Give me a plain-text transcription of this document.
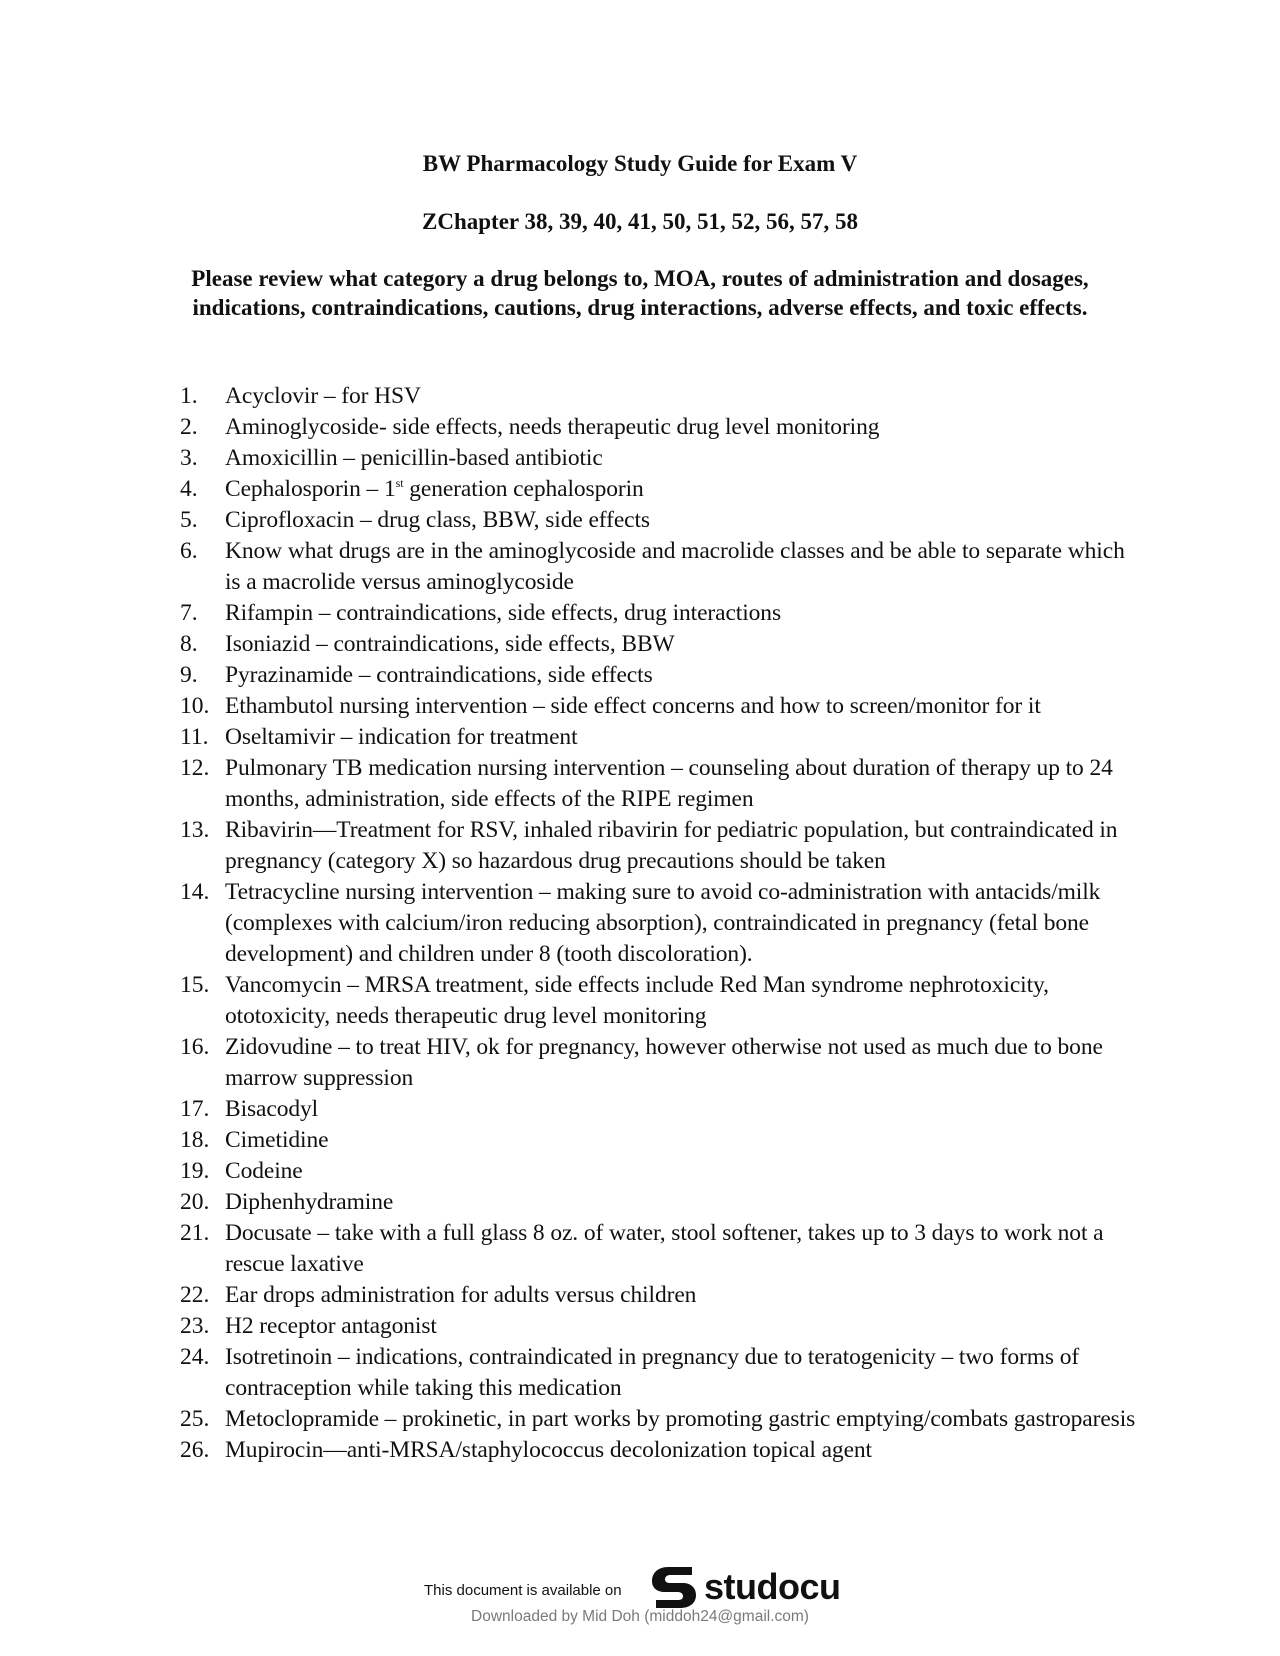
BW Pharmacology Study Guide for Exam V
ZChapter 38, 39, 40, 41, 50, 51, 52, 56, 57, 58

Please review what category a drug belongs to, MOA, routes of administration and dosages, indications, contraindications, cautions, drug interactions, adverse effects, and toxic effects.

1.	Acyclovir – for HSV
2.	Aminoglycoside- side effects, needs therapeutic drug level monitoring
3.	Amoxicillin – penicillin-based antibiotic
4.	Cephalosporin – 1st generation cephalosporin
5.	Ciprofloxacin – drug class, BBW, side effects
6.	Know what drugs are in the aminoglycoside and macrolide classes and be able to separate which is a macrolide versus aminoglycoside
7.	Rifampin – contraindications, side effects, drug interactions
8.	Isoniazid – contraindications, side effects, BBW
9.	Pyrazinamide – contraindications, side effects
10. Ethambutol nursing intervention – side effect concerns and how to screen/monitor for it
11. Oseltamivir – indication for treatment
12. Pulmonary TB medication nursing intervention – counseling about duration of therapy up to 24 months, administration, side effects of the RIPE regimen
13. Ribavirin—Treatment for RSV, inhaled ribavirin for pediatric population, but contraindicated in pregnancy (category X) so hazardous drug precautions should be taken
14. Tetracycline nursing intervention – making sure to avoid co-administration with antacids/milk (complexes with calcium/iron reducing absorption), contraindicated in pregnancy (fetal bone development) and children under 8 (tooth discoloration).
15. Vancomycin – MRSA treatment, side effects include Red Man syndrome nephrotoxicity, ototoxicity, needs therapeutic drug level monitoring
16. Zidovudine – to treat HIV, ok for pregnancy, however otherwise not used as much due to bone marrow suppression
17. Bisacodyl
18. Cimetidine
19. Codeine
20. Diphenhydramine
21. Docusate – take with a full glass 8 oz. of water, stool softener, takes up to 3 days to work not a rescue laxative
22. Ear drops administration for adults versus children
23. H2 receptor antagonist
24. Isotretinoin – indications, contraindicated in pregnancy due to teratogenicity – two forms of contraception while taking this medication
25. Metoclopramide – prokinetic, in part works by promoting gastric emptying/combats gastroparesis
26. Mupirocin—anti-MRSA/staphylococcus decolonization topical agent
This document is available on studocu
Downloaded by Mid Doh (middoh24@gmail.com)
